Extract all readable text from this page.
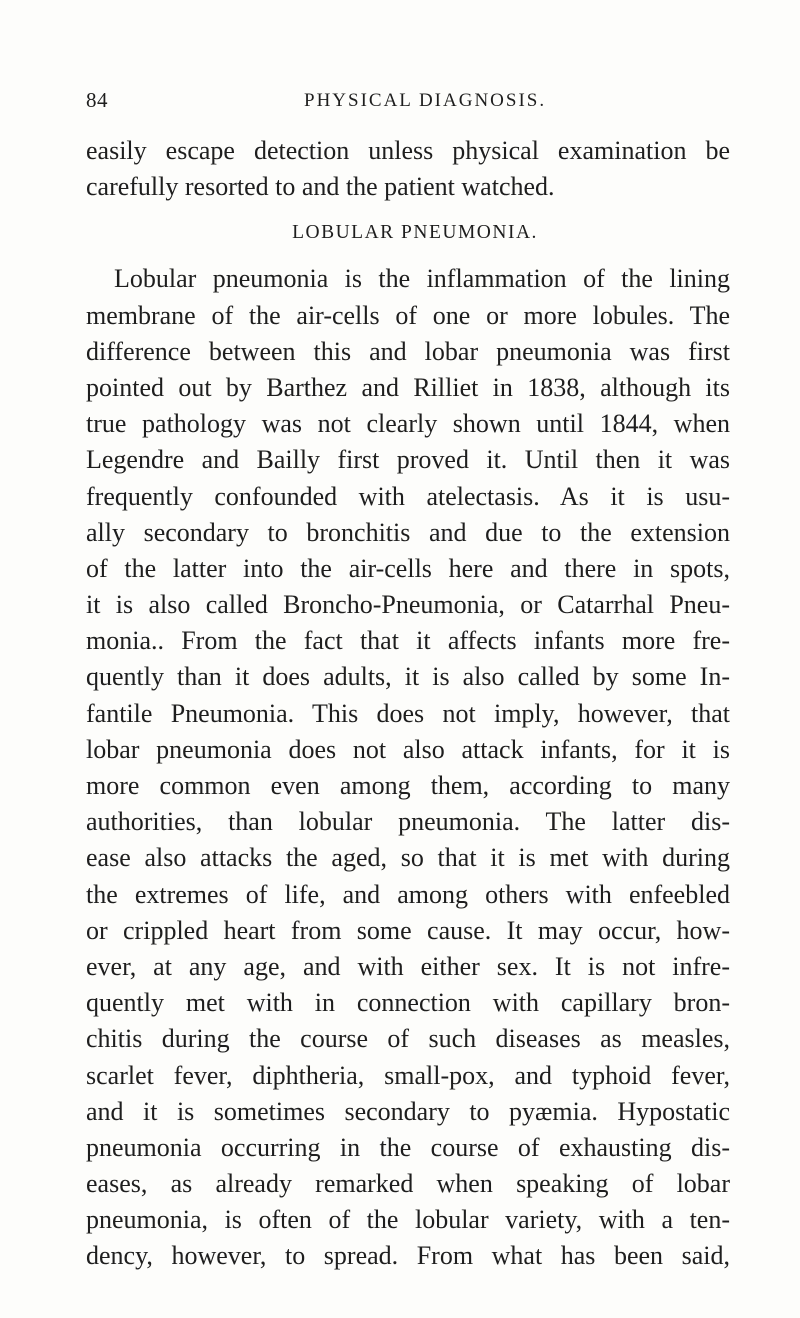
84	PHYSICAL DIAGNOSIS.
easily escape detection unless physical examination be
carefully resorted to and the patient watched.
LOBULAR PNEUMONIA.
Lobular pneumonia is the inflammation of the lining
membrane of the air-cells of one or more lobules. The
difference between this and lobar pneumonia was first
pointed out by Barthez and Rilliet in 1838, although its
true pathology was not clearly shown until 1844, when
Legendre and Bailly first proved it. Until then it was
frequently confounded with atelectasis. As it is usu-
ally secondary to bronchitis and due to the extension
of the latter into the air-cells here and there in spots,
it is also called Broncho-Pneumonia, or Catarrhal Pneu-
monia.. From the fact that it affects infants more fre-
quently than it does adults, it is also called by some In-
fantile Pneumonia. This does not imply, however, that
lobar pneumonia does not also attack infants, for it is
more common even among them, according to many
authorities, than lobular pneumonia. The latter dis-
ease also attacks the aged, so that it is met with during
the extremes of life, and among others with enfeebled
or crippled heart from some cause. It may occur, how-
ever, at any age, and with either sex. It is not infre-
quently met with in connection with capillary bron-
chitis during the course of such diseases as measles,
scarlet fever, diphtheria, small-pox, and typhoid fever,
and it is sometimes secondary to pyæmia. Hypostatic
pneumonia occurring in the course of exhausting dis-
eases, as already remarked when speaking of lobar
pneumonia, is often of the lobular variety, with a ten-
dency, however, to spread. From what has been said,
